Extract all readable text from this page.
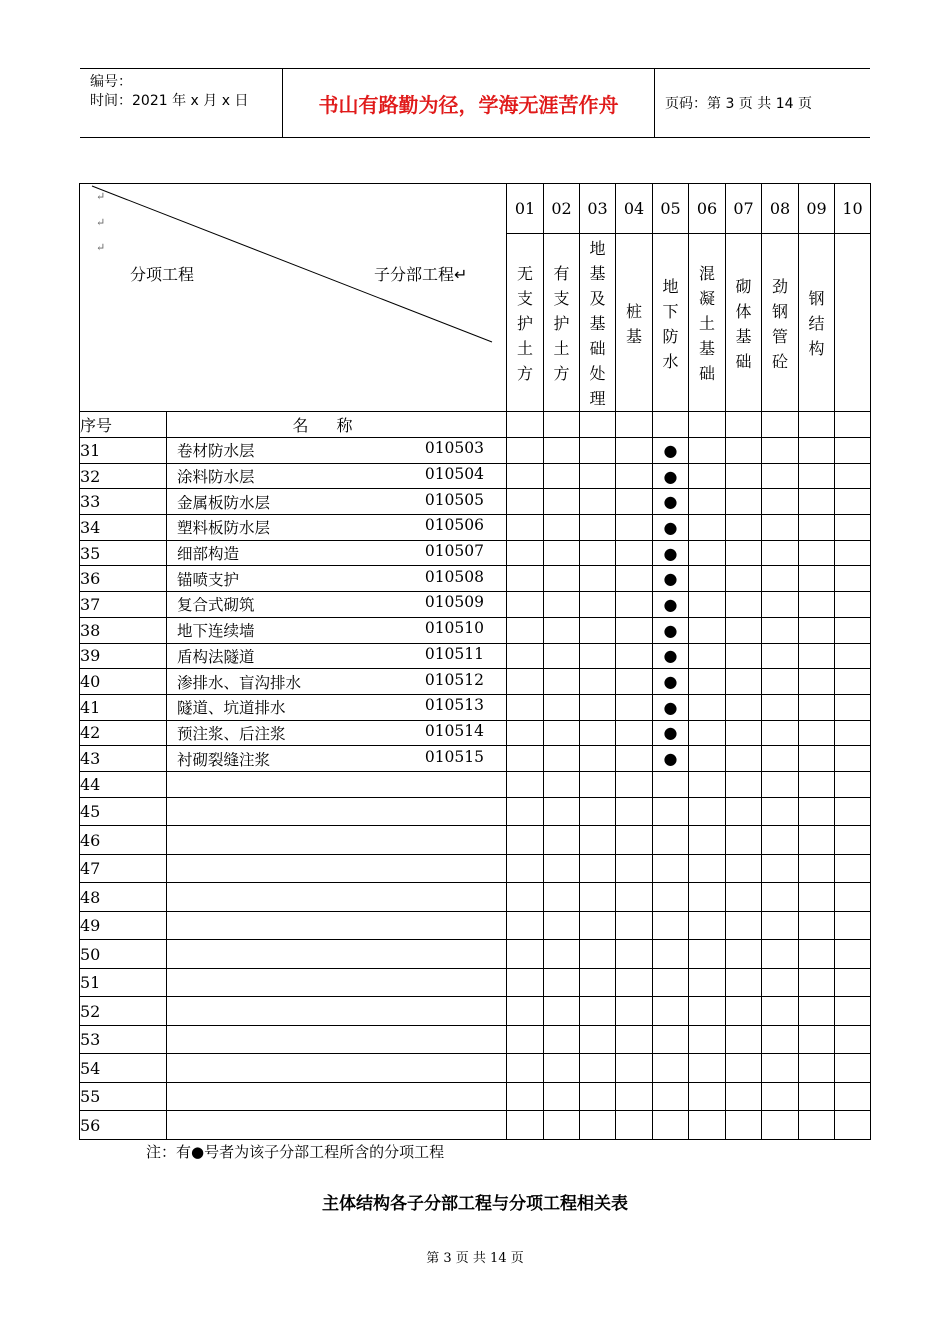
编号：
时间：2021 年 x 月 x 日	书山有路勤为径，学海无涯苦作舟	页码：第 3 页 共 14 页
↵
↵
↵
分项工程 子分部工程↵		01	02	03	04	05	06	07	08	09	10
		无支护土方	有支护土方	地基及基础处理	桩基	地下防水	混凝土基础	砌体基础	劲钢管砼	钢结构	
序号	名称										
31	卷材防水层 010503					●					
32	涂料防水层 010504					●					
33	金属板防水层 010505					●					
34	塑料板防水层 010506					●					
35	细部构造 010507					●					
36	锚喷支护 010508					●					
37	复合式砌筑 010509					●					
38	地下连续墙 010510					●					
39	盾构法隧道 010511					●					
40	渗排水、盲沟排水 010512					●					
41	隧道、坑道排水 010513					●					
42	预注浆、后注浆 010514					●					
43	衬砌裂缝注浆 010515					●					
44	

45	

46	

47	

48	

49	

50	

51	

52	

53	

54	

55	

56	

注：有●号者为该子分部工程所含的分项工程
主体结构各子分部工程与分项工程相关表
第 3 页 共 14 页
